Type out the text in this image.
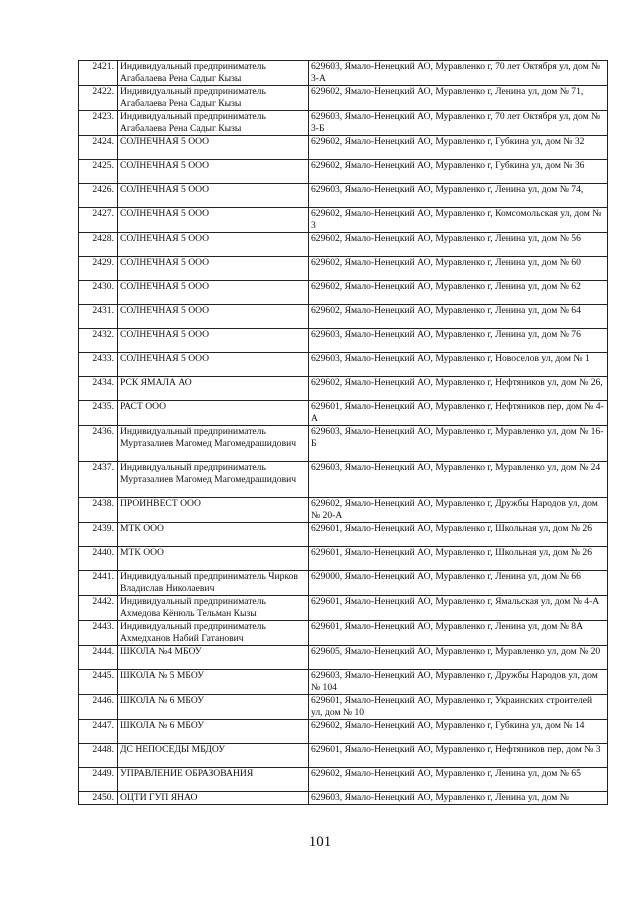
2421.	Индивидуальный предприниматель Агабалаева Рена Садыг Кызы	629603, Ямало-Ненецкий АО, Муравленко г, 70 лет Октября ул, дом № 3-А
2422.	Индивидуальный предприниматель Агабалаева Рена Садыг Кызы	629602, Ямало-Ненецкий АО, Муравленко г, Ленина ул, дом № 71,
2423.	Индивидуальный предприниматель Агабалаева Рена Садыг Кызы	629603, Ямало-Ненецкий АО, Муравленко г, 70 лет Октября ул, дом № 3-Б
2424.	СОЛНЕЧНАЯ 5 ООО	629602, Ямало-Ненецкий АО, Муравленко г, Губкина ул, дом № 32
2425.	СОЛНЕЧНАЯ 5 ООО	629602, Ямало-Ненецкий АО, Муравленко г, Губкина ул, дом № 36
2426.	СОЛНЕЧНАЯ 5 ООО	629603, Ямало-Ненецкий АО, Муравленко г, Ленина ул, дом № 74,
2427.	СОЛНЕЧНАЯ 5 ООО	629602, Ямало-Ненецкий АО, Муравленко г, Комсомольская ул, дом № 3
2428.	СОЛНЕЧНАЯ 5 ООО	629602, Ямало-Ненецкий АО, Муравленко г, Ленина ул, дом № 56
2429.	СОЛНЕЧНАЯ 5 ООО	629602, Ямало-Ненецкий АО, Муравленко г, Ленина ул, дом № 60
2430.	СОЛНЕЧНАЯ 5 ООО	629602, Ямало-Ненецкий АО, Муравленко г, Ленина ул, дом № 62
2431.	СОЛНЕЧНАЯ 5 ООО	629602, Ямало-Ненецкий АО, Муравленко г, Ленина ул, дом № 64
2432.	СОЛНЕЧНАЯ 5 ООО	629603, Ямало-Ненецкий АО, Муравленко г, Ленина ул, дом № 76
2433.	СОЛНЕЧНАЯ 5 ООО	629603, Ямало-Ненецкий АО, Муравленко г, Новоселов ул, дом № 1
2434.	РСК ЯМАЛА АО	629602, Ямало-Ненецкий АО, Муравленко г, Нефтяников ул, дом № 26,
2435.	РАСТ ООО	629601, Ямало-Ненецкий АО, Муравленко г, Нефтяников пер, дом № 4-А
2436.	Индивидуальный предприниматель Муртазалиев Магомед Магомедрашидович	629603, Ямало-Ненецкий АО, Муравленко г, Муравленко ул, дом № 16-Б
2437.	Индивидуальный предприниматель Муртазалиев Магомед Магомедрашидович	629603, Ямало-Ненецкий АО, Муравленко г, Муравленко ул, дом № 24
2438.	ПРОИНВЕСТ ООО	629602, Ямало-Ненецкий АО, Муравленко г, Дружбы Народов ул, дом № 20-А
2439.	МТК ООО	629601, Ямало-Ненецкий АО, Муравленко г, Школьная ул, дом № 26
2440.	МТК ООО	629601, Ямало-Ненецкий АО, Муравленко г, Школьная ул, дом № 26
2441.	Индивидуальный предприниматель Чирков Владислав Николаевич	629000, Ямало-Ненецкий АО, Муравленко г, Ленина ул, дом № 66
2442.	Индивидуальный предприниматель Ахмедова Кёнюль Тельман Кызы	629601, Ямало-Ненецкий АО, Муравленко г, Ямальская ул, дом № 4-А
2443.	Индивидуальный предприниматель Ахмедханов Набий Гатанович	629601, Ямало-Ненецкий АО, Муравленко г, Ленина ул, дом № 8А
2444.	ШКОЛА №4 МБОУ	629605, Ямало-Ненецкий АО, Муравленко г, Муравленко ул, дом № 20
2445.	ШКОЛА № 5 МБОУ	629603, Ямало-Ненецкий АО, Муравленко г, Дружбы Народов ул, дом № 104
2446.	ШКОЛА № 6 МБОУ	629601, Ямало-Ненецкий АО, Муравленко г, Украинских строителей ул, дом № 10
2447.	ШКОЛА № 6 МБОУ	629602, Ямало-Ненецкий АО, Муравленко г, Губкина ул, дом № 14
2448.	ДС НЕПОСЕДЫ МБДОУ	629601, Ямало-Ненецкий АО, Муравленко г, Нефтяников пер, дом № 3
2449.	УПРАВЛЕНИЕ ОБРАЗОВАНИЯ	629602, Ямало-Ненецкий АО, Муравленко г, Ленина ул, дом № 65
2450.	ОЦТИ ГУП ЯНАО	629603, Ямало-Ненецкий АО, Муравленко г, Ленина ул, дом №
101
